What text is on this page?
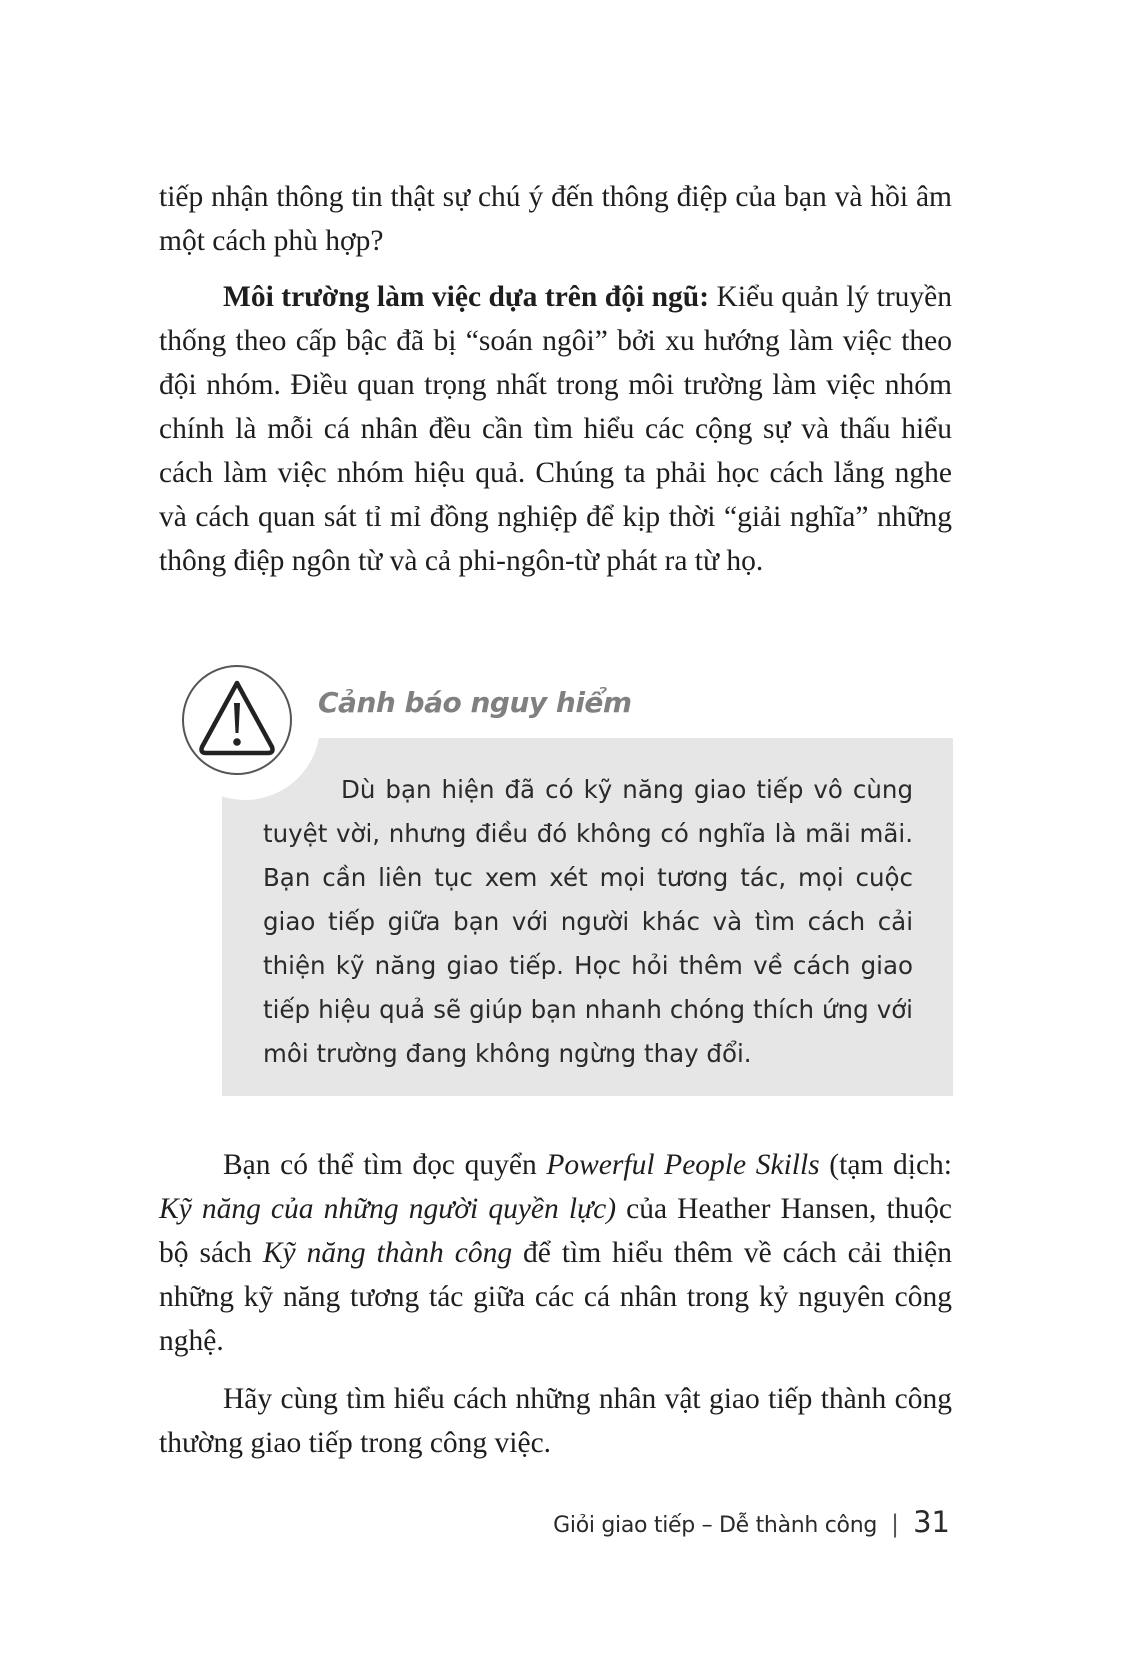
tiếp nhận thông tin thật sự chú ý đến thông điệp của bạn và hồi âm một cách phù hợp?

Môi trường làm việc dựa trên đội ngũ: Kiểu quản lý truyền thống theo cấp bậc đã bị “soán ngôi” bởi xu hướng làm việc theo đội nhóm. Điều quan trọng nhất trong môi trường làm việc nhóm chính là mỗi cá nhân đều cần tìm hiểu các cộng sự và thấu hiểu cách làm việc nhóm hiệu quả. Chúng ta phải học cách lắng nghe và cách quan sát tỉ mỉ đồng nghiệp để kịp thời “giải nghĩa” những thông điệp ngôn từ và cả phi-ngôn-từ phát ra từ họ.

Cảnh báo nguy hiểm

Dù bạn hiện đã có kỹ năng giao tiếp vô cùng tuyệt vời, nhưng điều đó không có nghĩa là mãi mãi. Bạn cần liên tục xem xét mọi tương tác, mọi cuộc giao tiếp giữa bạn với người khác và tìm cách cải thiện kỹ năng giao tiếp. Học hỏi thêm về cách giao tiếp hiệu quả sẽ giúp bạn nhanh chóng thích ứng với môi trường đang không ngừng thay đổi.

Bạn có thể tìm đọc quyển Powerful People Skills (tạm dịch: Kỹ năng của những người quyền lực) của Heather Hansen, thuộc bộ sách Kỹ năng thành công để tìm hiểu thêm về cách cải thiện những kỹ năng tương tác giữa các cá nhân trong kỷ nguyên công nghệ.

Hãy cùng tìm hiểu cách những nhân vật giao tiếp thành công thường giao tiếp trong công việc.

Giỏi giao tiếp – Dễ thành công | 31
